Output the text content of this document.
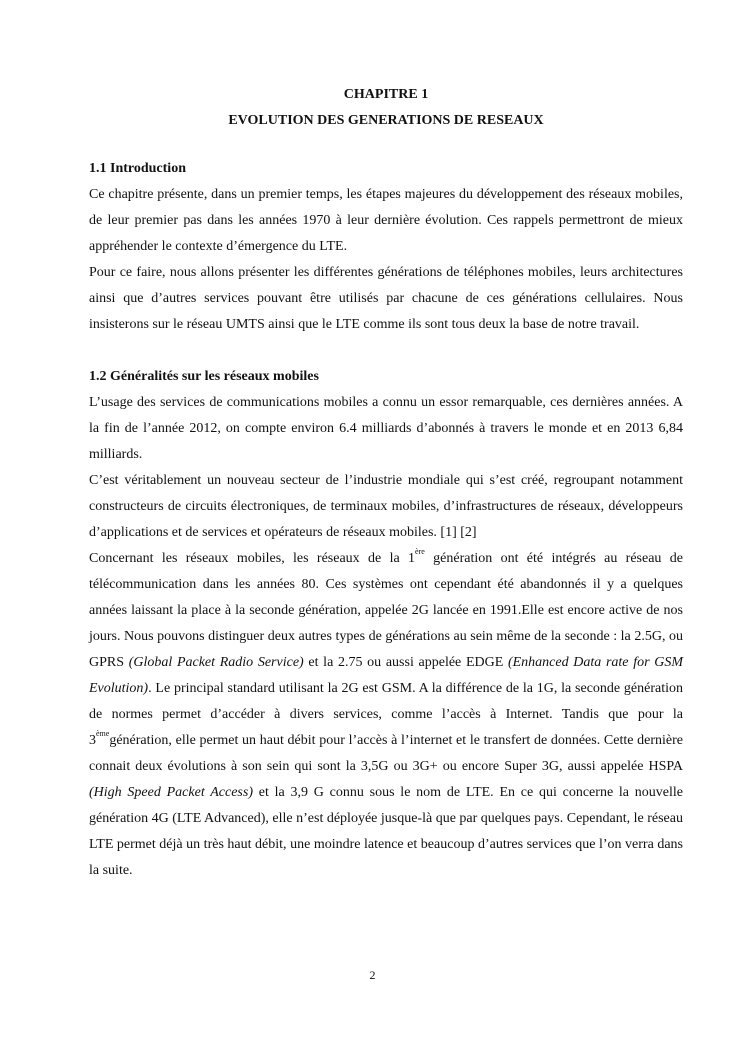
CHAPITRE 1
EVOLUTION DES GENERATIONS DE RESEAUX
1.1 Introduction

Ce chapitre présente, dans un premier temps, les étapes majeures du développement des réseaux mobiles, de leur premier pas dans les années 1970 à leur dernière évolution. Ces rappels permettront de mieux appréhender le contexte d’émergence du LTE.

Pour ce faire, nous allons présenter les différentes générations de téléphones mobiles, leurs architectures ainsi que d’autres services pouvant être utilisés par chacune de ces générations cellulaires. Nous insisterons sur le réseau UMTS ainsi que le LTE comme ils sont tous deux la base de notre travail.

1.2 Généralités sur les réseaux mobiles

L’usage des services de communications mobiles a connu un essor remarquable, ces dernières années. A la fin de l’année 2012, on compte environ 6.4 milliards d’abonnés à travers le monde et en 2013 6,84 milliards.

C’est véritablement un nouveau secteur de l’industrie mondiale qui s’est créé, regroupant notamment constructeurs de circuits électroniques, de terminaux mobiles, d’infrastructures de réseaux, développeurs d’applications et de services et opérateurs de réseaux mobiles. [1] [2]

Concernant les réseaux mobiles, les réseaux de la 1ère génération ont été intégrés au réseau de télécommunication dans les années 80. Ces systèmes ont cependant été abandonnés il y a quelques années laissant la place à la seconde génération, appelée 2G lancée en 1991.Elle est encore active de nos jours. Nous pouvons distinguer deux autres types de générations au sein même de la seconde : la 2.5G, ou GPRS (Global Packet Radio Service) et la 2.75 ou aussi appelée EDGE (Enhanced Data rate for GSM Evolution). Le principal standard utilisant la 2G est GSM. A la différence de la 1G, la seconde génération de normes permet d’accéder à divers services, comme l’accès à Internet. Tandis que pour la 3èmegénération, elle permet un haut débit pour l’accès à l’internet et le transfert de données. Cette dernière connait deux évolutions à son sein qui sont la 3,5G ou 3G+ ou encore Super 3G, aussi appelée HSPA (High Speed Packet Access) et la 3,9 G connu sous le nom de LTE. En ce qui concerne la nouvelle génération 4G (LTE Advanced), elle n’est déployée jusque-là que par quelques pays. Cependant, le réseau LTE permet déjà un très haut débit, une moindre latence et beaucoup d’autres services que l’on verra dans la suite.

2
